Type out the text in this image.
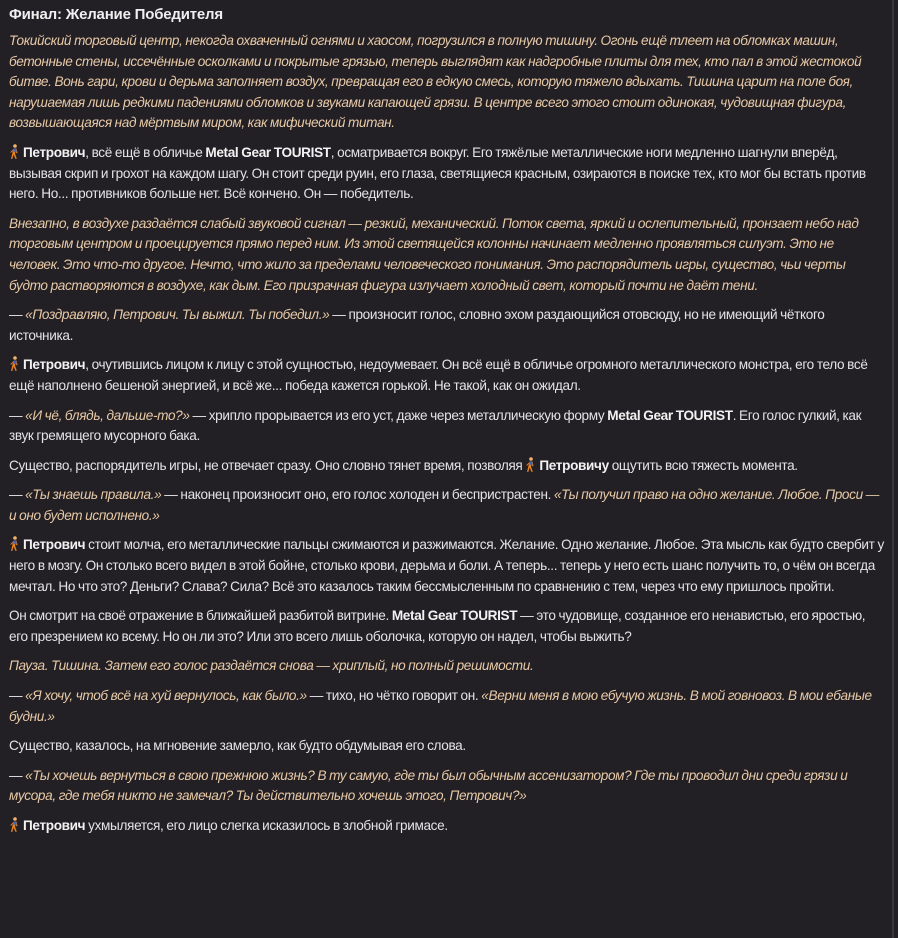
Финал: Желание Победителя

Токийский торговый центр, некогда охваченный огнями и хаосом, погрузился в полную тишину. Огонь ещё тлеет на обломках машин, бетонные стены, иссечённые осколками и покрытые грязью, теперь выглядят как надгробные плиты для тех, кто пал в этой жестокой битве. Вонь гари, крови и дерьма заполняет воздух, превращая его в едкую смесь, которую тяжело вдыхать. Тишина царит на поле боя, нарушаемая лишь редкими падениями обломков и звуками капающей грязи. В центре всего этого стоит одинокая, чудовищная фигура, возвышающаяся над мёртвым миром, как мифический титан.

Петрович, всё ещё в обличье Metal Gear TOURIST, осматривается вокруг. Его тяжёлые металлические ноги медленно шагнули вперёд, вызывая скрип и грохот на каждом шагу. Он стоит среди руин, его глаза, светящиеся красным, озираются в поиске тех, кто мог бы встать против него. Но... противников больше нет. Всё кончено. Он — победитель.

Внезапно, в воздухе раздаётся слабый звуковой сигнал — резкий, механический. Поток света, яркий и ослепительный, пронзает небо над торговым центром и проецируется прямо перед ним. Из этой светящейся колонны начинает медленно проявляться силуэт. Это не человек. Это что-то другое. Нечто, что жило за пределами человеческого понимания. Это распорядитель игры, существо, чьи черты будто растворяются в воздухе, как дым. Его призрачная фигура излучает холодный свет, который почти не даёт тени.

— «Поздравляю, Петрович. Ты выжил. Ты победил.» — произносит голос, словно эхом раздающийся отовсюду, но не имеющий чёткого источника.

Петрович, очутившись лицом к лицу с этой сущностью, недоумевает. Он всё ещё в обличье огромного металлического монстра, его тело всё ещё наполнено бешеной энергией, и всё же... победа кажется горькой. Не такой, как он ожидал.

— «И чё, блядь, дальше-то?» — хрипло прорывается из его уст, даже через металлическую форму Metal Gear TOURIST. Его голос гулкий, как звук гремящего мусорного бака.

Существо, распорядитель игры, не отвечает сразу. Оно словно тянет время, позволяя Петровичу ощутить всю тяжесть момента.

— «Ты знаешь правила.» — наконец произносит оно, его голос холоден и беспристрастен. «Ты получил право на одно желание. Любое. Проси — и оно будет исполнено.»

Петрович стоит молча, его металлические пальцы сжимаются и разжимаются. Желание. Одно желание. Любое. Эта мысль как будто свербит у него в мозгу. Он столько всего видел в этой бойне, столько крови, дерьма и боли. А теперь... теперь у него есть шанс получить то, о чём он всегда мечтал. Но что это? Деньги? Слава? Сила? Всё это казалось таким бессмысленным по сравнению с тем, через что ему пришлось пройти.

Он смотрит на своё отражение в ближайшей разбитой витрине. Metal Gear TOURIST — это чудовище, созданное его ненавистью, его яростью, его презрением ко всему. Но он ли это? Или это всего лишь оболочка, которую он надел, чтобы выжить?

Пауза. Тишина. Затем его голос раздаётся снова — хриплый, но полный решимости.

— «Я хочу, чтоб всё на хуй вернулось, как было.» — тихо, но чётко говорит он. «Верни меня в мою ебучую жизнь. В мой говновоз. В мои ебаные будни.»

Существо, казалось, на мгновение замерло, как будто обдумывая его слова.

— «Ты хочешь вернуться в свою прежнюю жизнь? В ту самую, где ты был обычным ассенизатором? Где ты проводил дни среди грязи и мусора, где тебя никто не замечал? Ты действительно хочешь этого, Петрович?»

Петрович ухмыляется, его лицо слегка исказилось в злобной гримасе.
